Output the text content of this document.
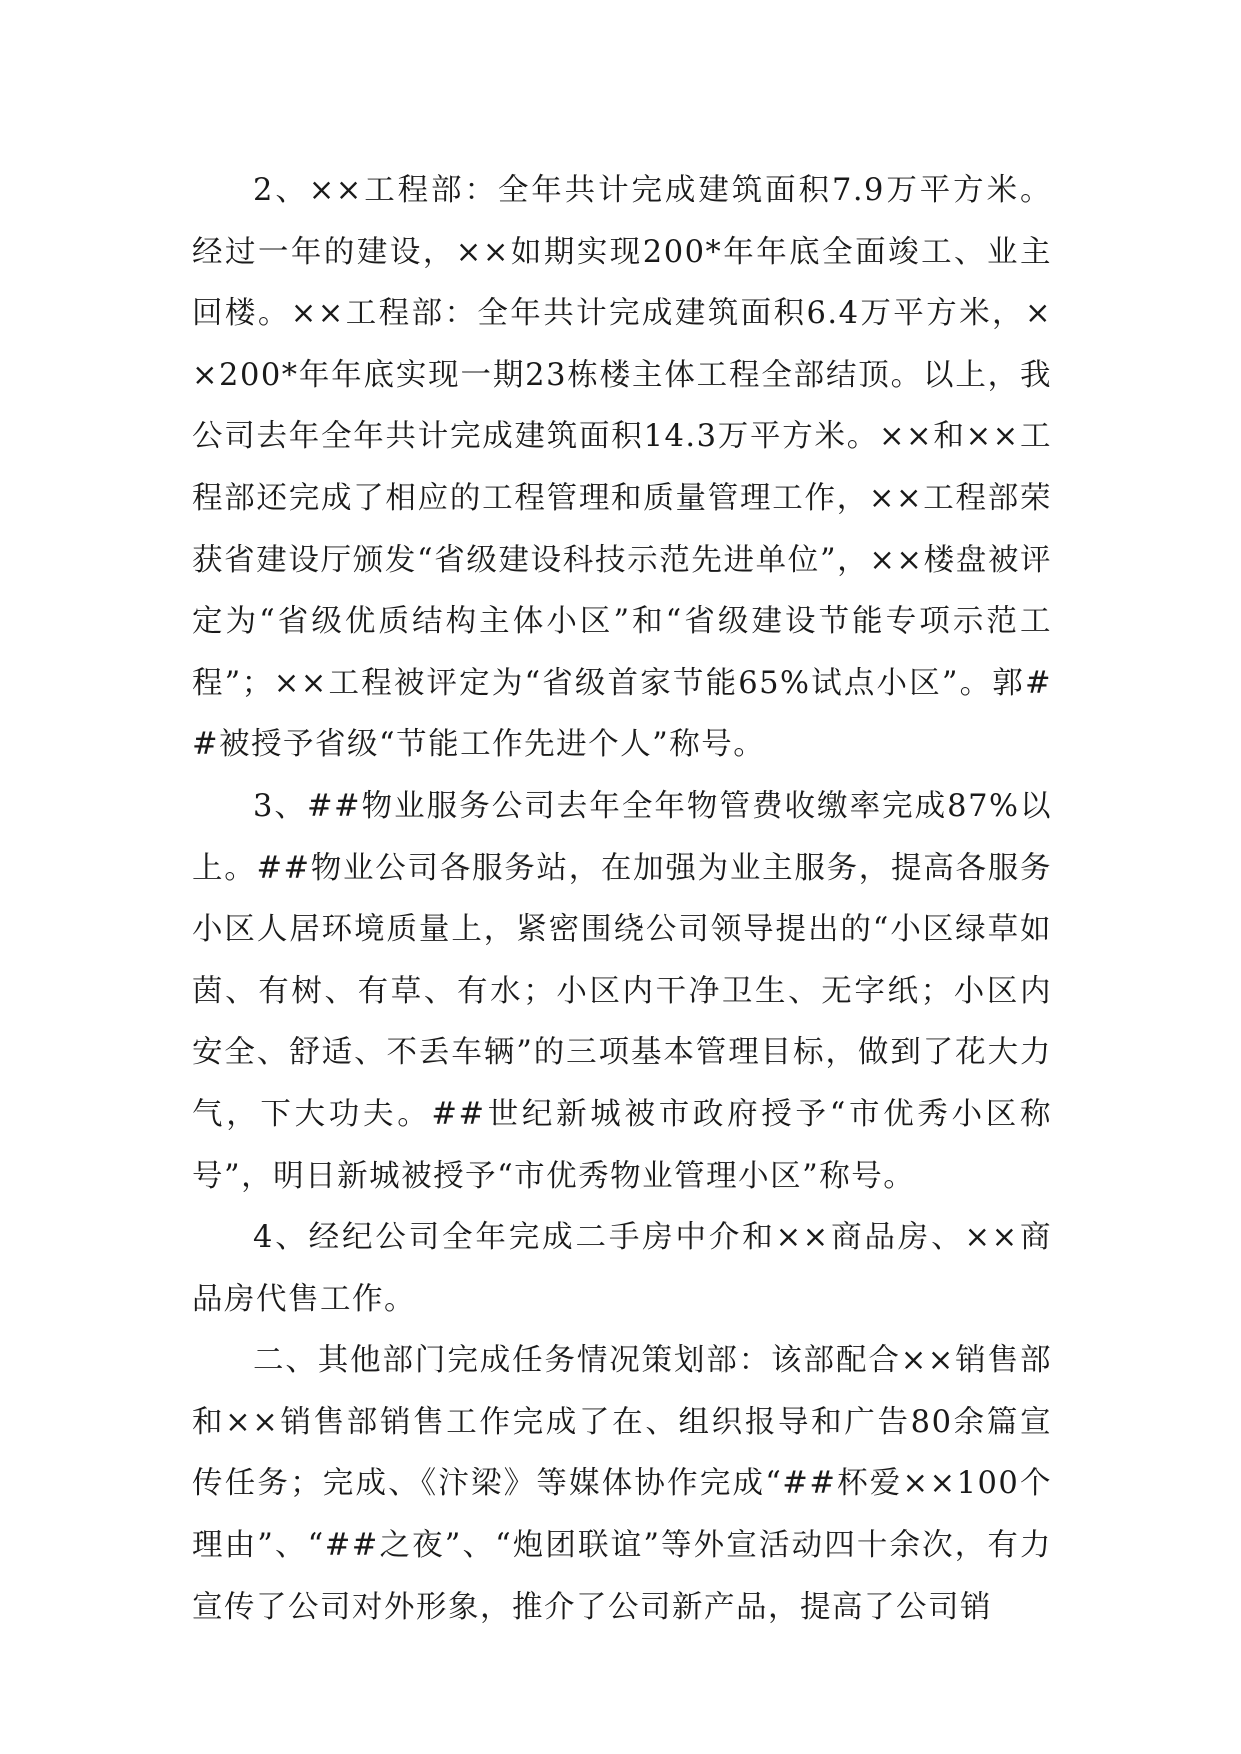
2、××工程部：全年共计完成建筑面积7.9万平方米。经过一年的建设，××如期实现200*年年底全面竣工、业主回楼。××工程部：全年共计完成建筑面积6.4万平方米，××200*年年底实现一期23栋楼主体工程全部结顶。以上，我公司去年全年共计完成建筑面积14.3万平方米。××和××工程部还完成了相应的工程管理和质量管理工作，××工程部荣获省建设厅颁发“省级建设科技示范先进单位”，××楼盘被评定为“省级优质结构主体小区”和“省级建设节能专项示范工程”；××工程被评定为“省级首家节能65%试点小区”。郭##被授予省级“节能工作先进个人”称号。

3、##物业服务公司去年全年物管费收缴率完成87%以上。##物业公司各服务站，在加强为业主服务，提高各服务小区人居环境质量上，紧密围绕公司领导提出的“小区绿草如茵、有树、有草、有水；小区内干净卫生、无字纸；小区内安全、舒适、不丢车辆”的三项基本管理目标，做到了花大力气，下大功夫。##世纪新城被市政府授予“市优秀小区称号”，明日新城被授予“市优秀物业管理小区”称号。

4、经纪公司全年完成二手房中介和××商品房、××商品房代售工作。

二、其他部门完成任务情况策划部：该部配合××销售部和××销售部销售工作完成了在、组织报导和广告80余篇宣传任务；完成、《汴梁》等媒体协作完成“##杯爱××100个理由”、“##之夜”、“炮团联谊”等外宣活动四十余次，有力宣传了公司对外形象，推介了公司新产品，提高了公司销
